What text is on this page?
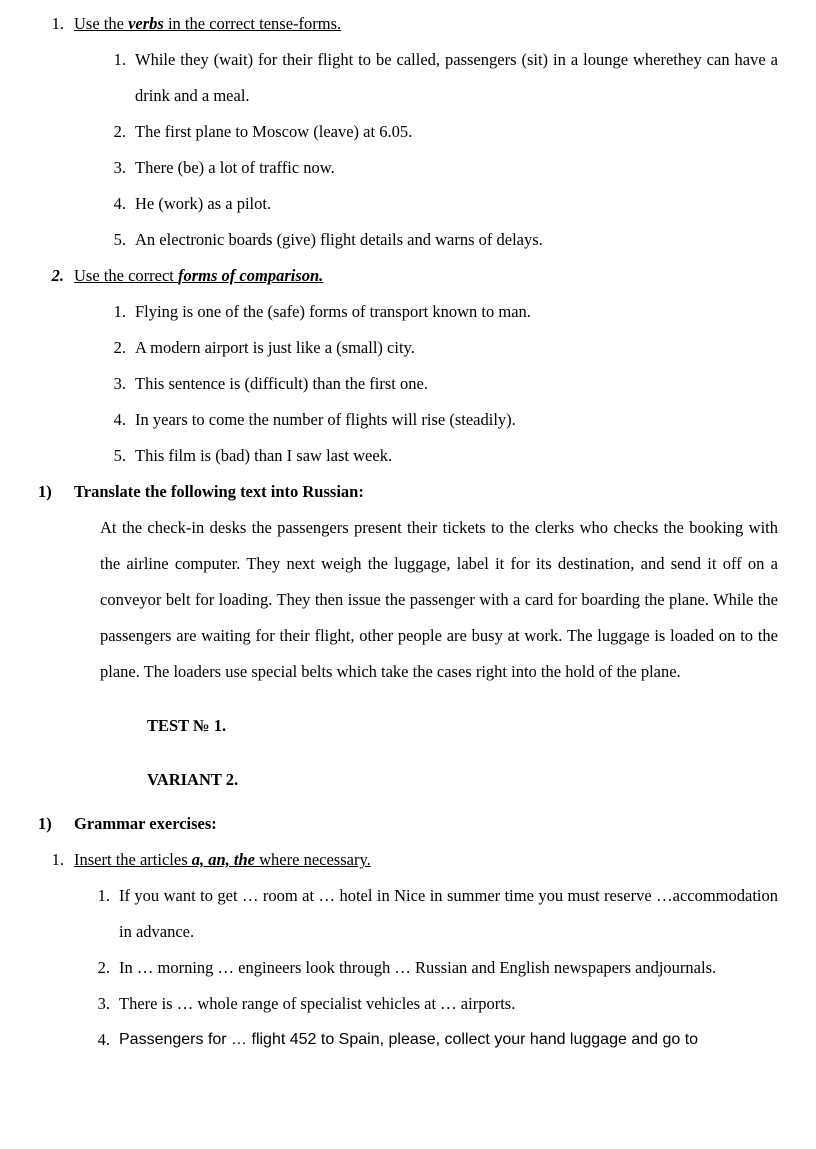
1. Use the verbs in the correct tense-forms.
1. While they (wait) for their flight to be called, passengers (sit) in a lounge wherethey can have a drink and a meal.
2. The first plane to Moscow (leave) at 6.05.
3. There (be) a lot of traffic now.
4. He (work) as a pilot.
5. An electronic boards (give) flight details and warns of delays.
2. Use the correct forms of comparison.
1. Flying is one of the (safe) forms of transport known to man.
2. A modern airport is just like a (small) city.
3. This sentence is (difficult) than the first one.
4. In years to come the number of flights will rise (steadily).
5. This film is (bad) than I saw last week.
1)	Translate the following text into Russian:

At the check-in desks the passengers present their tickets to the clerks who checks the booking with the airline computer. They next weigh the luggage, label it for its destination, and send it off on a conveyor belt for loading. They then issue the passenger with a card for boarding the plane. While the passengers are waiting for their flight, other people are busy at work. The luggage is loaded on to the plane. The loaders use special belts which take the cases right into the hold of the plane.

TEST № 1.
VARIANT 2.
1)	Grammar exercises:
1. Insert the articles a, an, the where necessary.
1. If you want to get … room at … hotel in Nice in summer time you must reserve …accommodation in advance.
2. In … morning … engineers look through … Russian and English newspapers andjournals.
3. There is … whole range of specialist vehicles at … airports.
4. Passengers for … flight 452 to Spain, please, collect your hand luggage and go to
